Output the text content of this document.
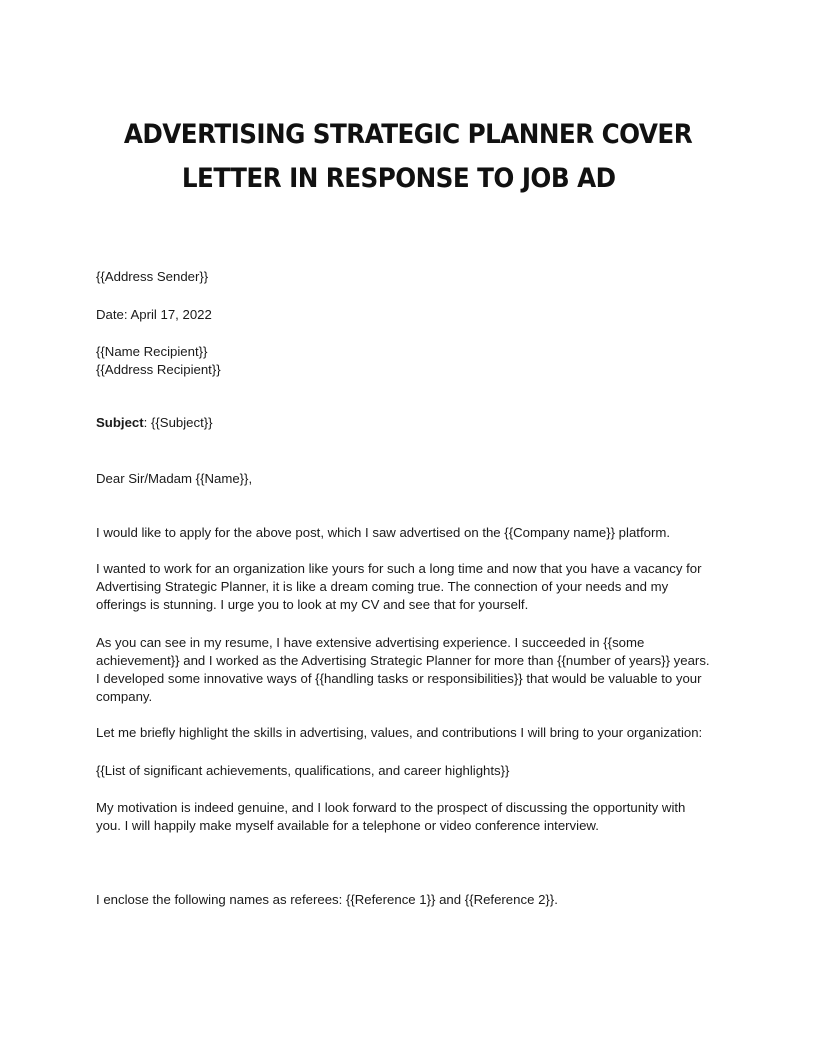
ADVERTISING STRATEGIC PLANNER COVER
LETTER IN RESPONSE TO JOB AD
{{Address Sender}}
Date: April 17, 2022
{{Name Recipient}}
{{Address Recipient}}
Subject: {{Subject}}
Dear Sir/Madam {{Name}},
I would like to apply for the above post, which I saw advertised on the {{Company name}} platform.
I wanted to work for an organization like yours for such a long time and now that you have a vacancy for
Advertising Strategic Planner, it is like a dream coming true. The connection of your needs and my
offerings is stunning. I urge you to look at my CV and see that for yourself.
As you can see in my resume, I have extensive advertising experience. I succeeded in {{some
achievement}} and I worked as the Advertising Strategic Planner for more than {{number of years}} years.
I developed some innovative ways of {{handling tasks or responsibilities}} that would be valuable to your
company.
Let me briefly highlight the skills in advertising, values, and contributions I will bring to your organization:
{{List of significant achievements, qualifications, and career highlights}}
My motivation is indeed genuine, and I look forward to the prospect of discussing the opportunity with
you. I will happily make myself available for a telephone or video conference interview.
I enclose the following names as referees: {{Reference 1}} and {{Reference 2}}.
